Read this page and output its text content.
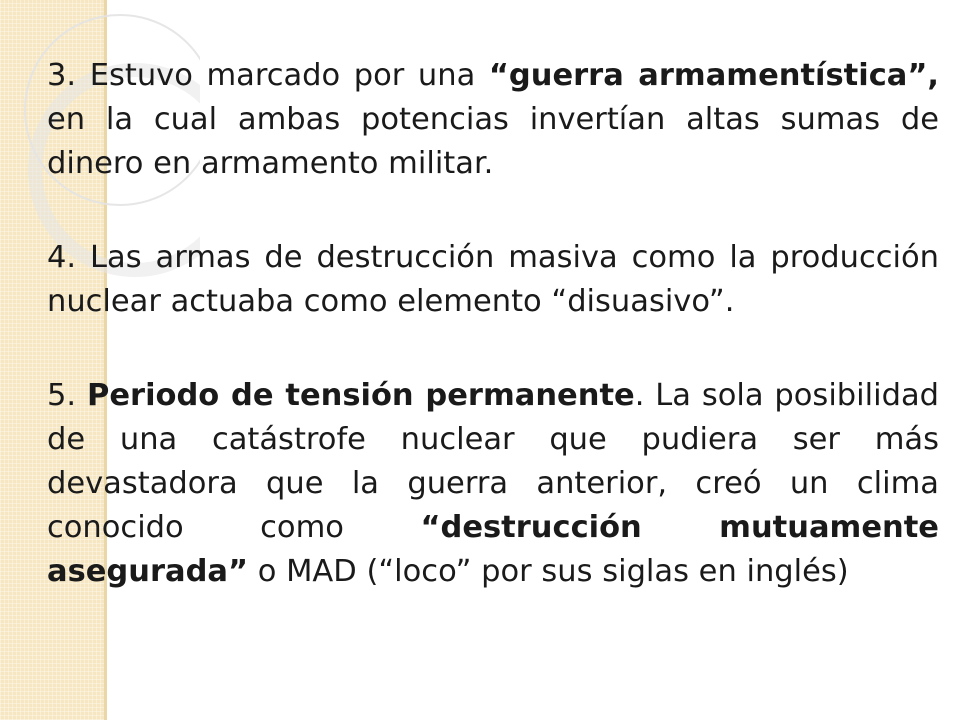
3. Estuvo marcado por una “guerra armamentística”, en la cual ambas potencias invertían altas sumas de dinero en armamento militar.

4. Las armas de destrucción masiva como la producción nuclear actuaba como elemento “disuasivo”.

5. Periodo de tensión permanente. La sola posibilidad de una catástrofe nuclear que pudiera ser más devastadora que la guerra anterior, creó un clima conocido como “destrucción mutuamente asegurada” o MAD (“loco” por sus siglas en inglés)
